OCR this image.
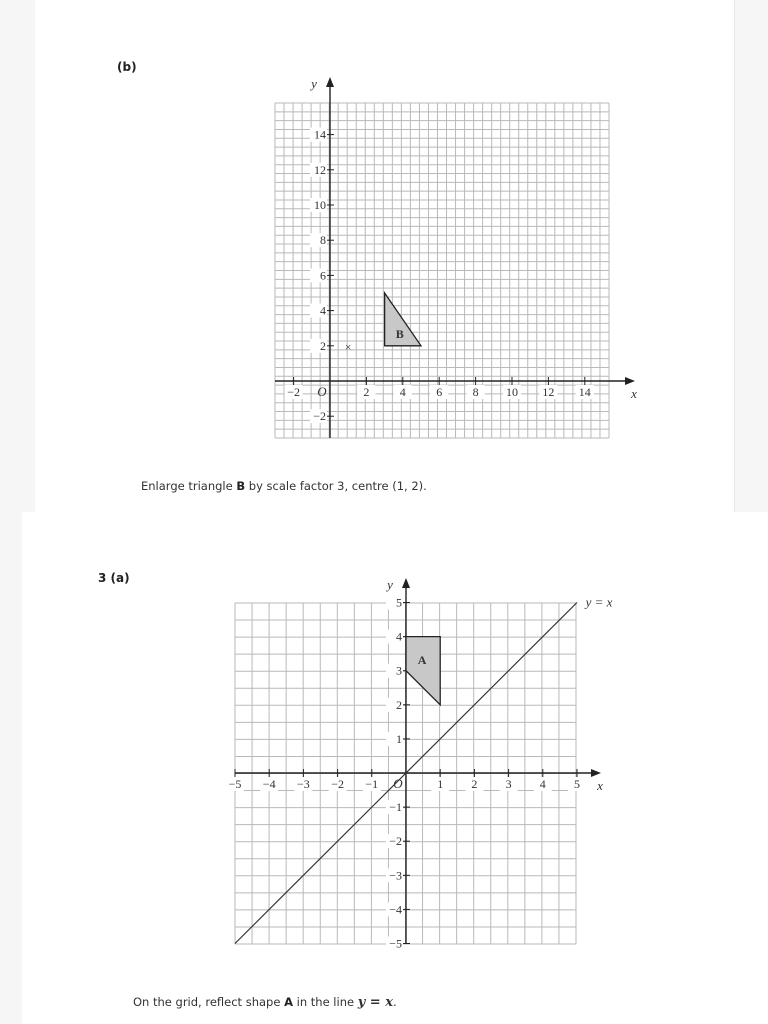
(b)
x
y
O
−2	2	4	6	8 10 12 14
−2
2
4
6
8
10
12
14
B
×
Enlarge triangle B by scale factor 3, centre (1, 2).
3 (a)
x
y
O
−5 −4 −3 −2 −1	1 2 3 4 5
5
4
3
2
1
−1
−2
−3
−4
−5
y = x
A
On the grid, reflect shape A in the line y = x.
